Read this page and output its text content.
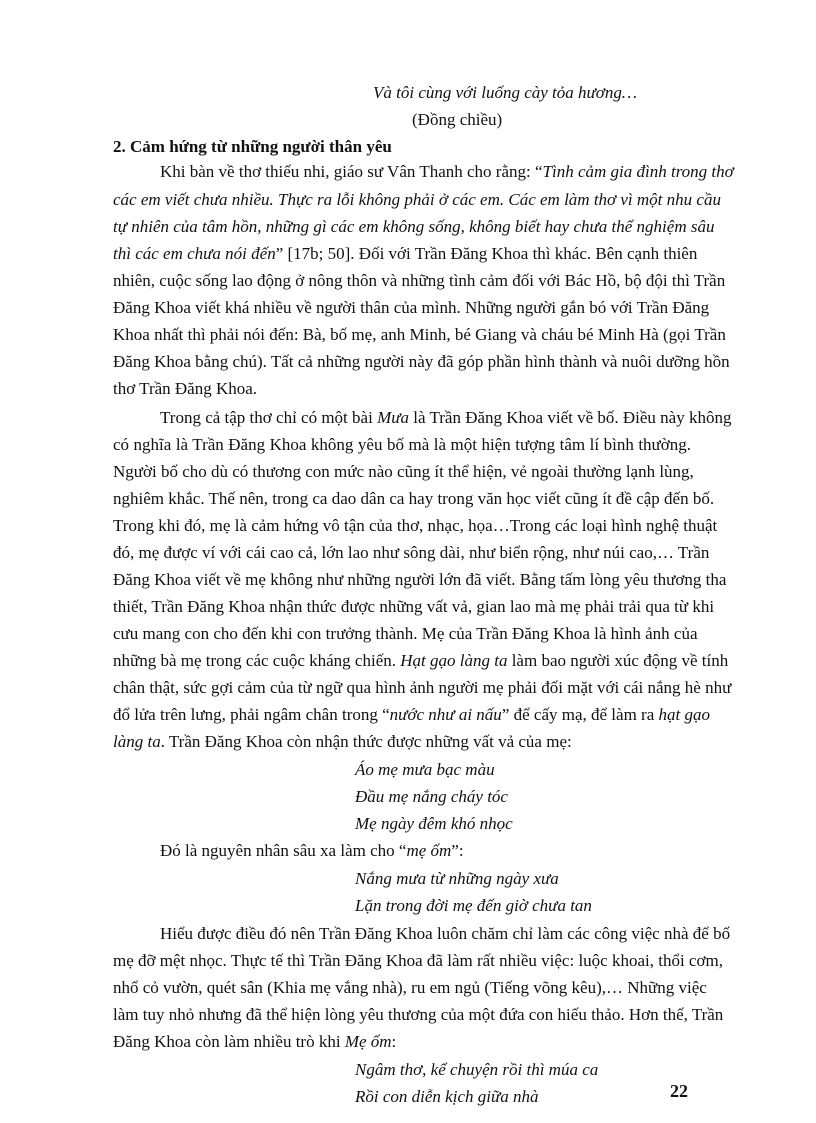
Và tôi cùng với luống cày tỏa hương…
(Đồng chiều)
2. Cảm hứng từ những người thân yêu
Khi bàn về thơ thiếu nhi, giáo sư Vân Thanh cho rằng: “Tình cảm gia đình trong thơ
các em viết chưa nhiều. Thực ra lỗi không phải ở các em. Các em làm thơ vì một nhu cầu
tự nhiên của tâm hồn, những gì các em không sống, không biết hay chưa thể nghiệm sâu
thì các em chưa nói đến” [17b; 50]. Đối với Trần Đăng Khoa thì khác. Bên cạnh thiên
nhiên, cuộc sống lao động ở nông thôn và những tình cảm đối với Bác Hồ, bộ đội thì Trần
Đăng Khoa viết khá nhiều về người thân của mình. Những người gắn bó với Trần Đăng
Khoa nhất thì phải nói đến: Bà, bố mẹ, anh Minh, bé Giang và cháu bé Minh Hà (gọi Trần
Đăng Khoa bằng chú). Tất cả những người này đã góp phần hình thành và nuôi dưỡng hồn
thơ Trần Đăng Khoa.
Trong cả tập thơ chỉ có một bài Mưa là Trần Đăng Khoa viết về bố. Điều này không
có nghĩa là Trần Đăng Khoa không yêu bố mà là một hiện tượng tâm lí bình thường.
Người bố cho dù có thương con mức nào cũng ít thể hiện, vẻ ngoài thường lạnh lùng,
nghiêm khắc. Thế nên, trong ca dao dân ca hay trong văn học viết cũng ít đề cập đến bố.
Trong khi đó, mẹ là cảm hứng vô tận của thơ, nhạc, họa…Trong các loại hình nghệ thuật
đó, mẹ được ví với cái cao cả, lớn lao như sông dài, như biển rộng, như núi cao,… Trần
Đăng Khoa viết về mẹ không như những người lớn đã viết. Bằng tấm lòng yêu thương tha
thiết, Trần Đăng Khoa nhận thức được những vất vả, gian lao mà mẹ phải trải qua từ khi
cưu mang con cho đến khi con trưởng thành. Mẹ của Trần Đăng Khoa là hình ảnh của
những bà mẹ trong các cuộc kháng chiến. Hạt gạo làng ta làm bao người xúc động về tính
chân thật, sức gợi cảm của từ ngữ qua hình ảnh người mẹ phải đối mặt với cái nắng hè như
đổ lửa trên lưng, phải ngâm chân trong “nước như ai nấu” để cấy mạ, để làm ra hạt gạo
làng ta. Trần Đăng Khoa còn nhận thức được những vất vả của mẹ:
Áo mẹ mưa bạc màu
Đầu mẹ nắng cháy tóc
Mẹ ngày đêm khó nhọc
Đó là nguyên nhân sâu xa làm cho “mẹ ốm”:
Nắng mưa từ những ngày xưa
Lặn trong đời mẹ đến giờ chưa tan
Hiểu được điều đó nên Trần Đăng Khoa luôn chăm chỉ làm các công việc nhà để bố
mẹ đỡ mệt nhọc. Thực tế thì Trần Đăng Khoa đã làm rất nhiều việc: luộc khoai, thổi cơm,
nhổ cỏ vườn, quét sân (Khia mẹ vắng nhà), ru em ngủ (Tiếng võng kêu),… Những việc
làm tuy nhỏ nhưng đã thể hiện lòng yêu thương của một đứa con hiếu thảo. Hơn thế, Trần
Đăng Khoa còn làm nhiều trò khi Mẹ ốm:
Ngâm thơ, kể chuyện rồi thì múa ca
Rồi con diễn kịch giữa nhà	22
